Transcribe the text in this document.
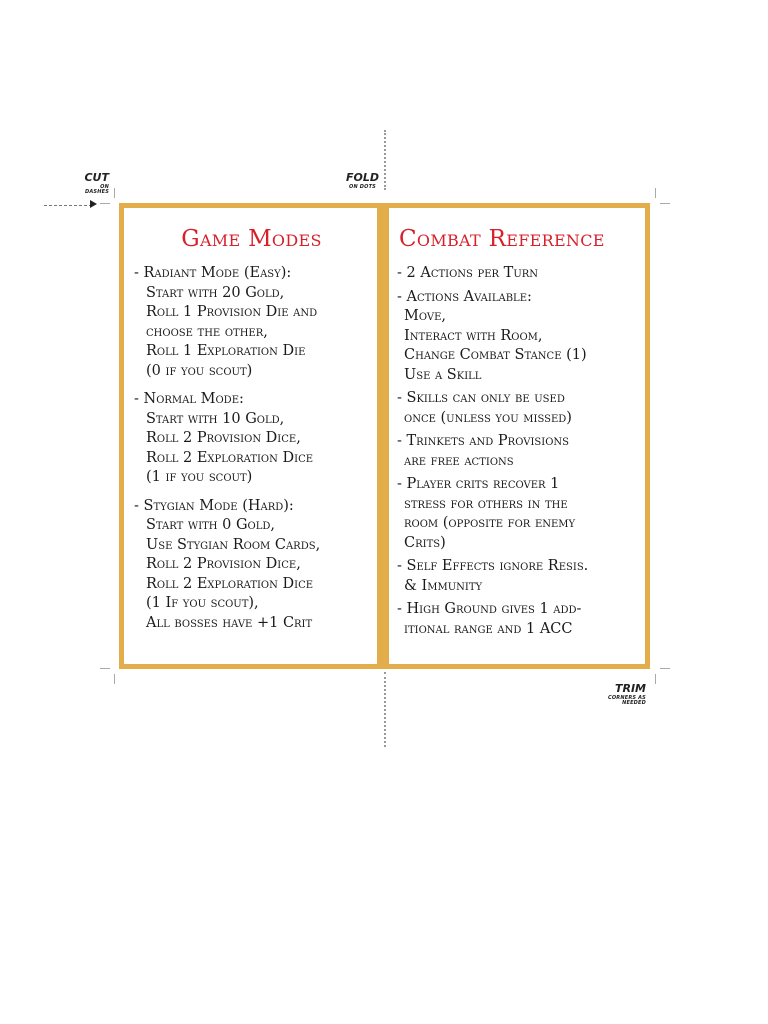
CUT
ON DASHES
FOLD
ON DOTS
TRIM
CORNERS AS NEEDED
Game Modes
- Radiant Mode (Easy):
Start with 20 Gold,
Roll 1 Provision Die and
choose the other,
Roll 1 Exploration Die
(0 if you scout)
- Normal Mode:
Start with 10 Gold,
Roll 2 Provision Dice,
Roll 2 Exploration Dice
(1 if you scout)
- Stygian Mode (Hard):
Start with 0 Gold,
Use Stygian Room Cards,
Roll 2 Provision Dice,
Roll 2 Exploration Dice
(1 If you scout),
All bosses have +1 Crit
Combat Reference
- 2 Actions per Turn
- Actions Available:
Move,
Interact with Room,
Change Combat Stance (1)
Use a Skill
- Skills can only be used
once (unless you missed)
- Trinkets and Provisions
are free actions
- Player crits recover 1
stress for others in the
room (opposite for enemy
Crits)
- Self Effects ignore Resis.
& Immunity
- High Ground gives 1 add-
itional range and 1 ACC
